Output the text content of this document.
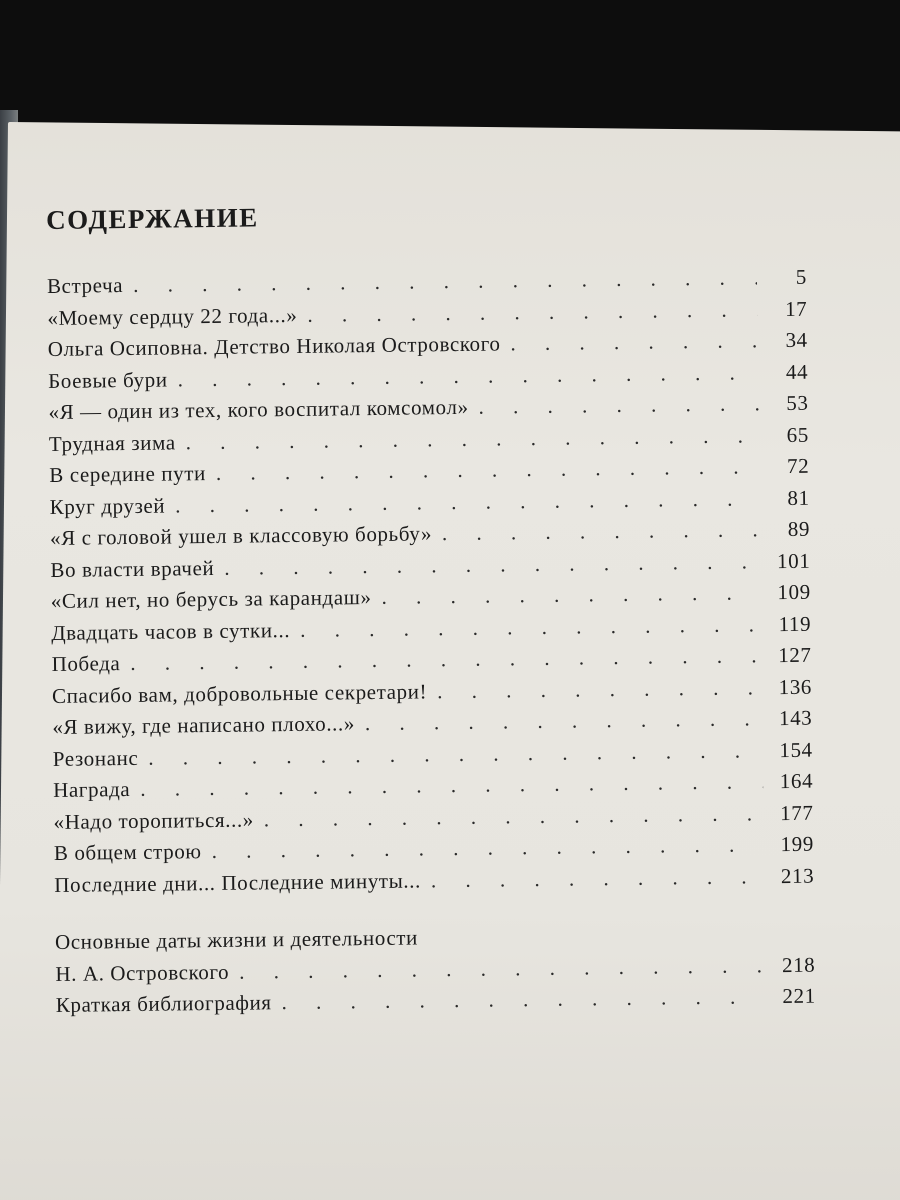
СОДЕРЖАНИЕ
Встреча . . .	5
«Моему сердцу 22 года...» . . .	17
Ольга Осиповна. Детство Николая Островского . . .	34
Боевые бури . . .	44
«Я — один из тех, кого воспитал комсомол» . . .	53
Трудная зима . . .	65
В середине пути . . .	72
Круг друзей . . .	81
«Я с головой ушел в классовую борьбу» . . .	89
Во власти врачей . . .	101
«Сил нет, но берусь за карандаш» . . .	109
Двадцать часов в сутки... . . .	119
Победа . . .	127
Спасибо вам, добровольные секретари! . . .	136
«Я вижу, где написано плохо...» . . .	143
Резонанс . . .	154
Награда . . .	164
«Надо торопиться...» . . .	177
В общем строю . . .	199
Последние дни... Последние минуты... . . .	213
Основные даты жизни и деятельности
Н. А. Островского . . .	218
Краткая библиография . . .	221
